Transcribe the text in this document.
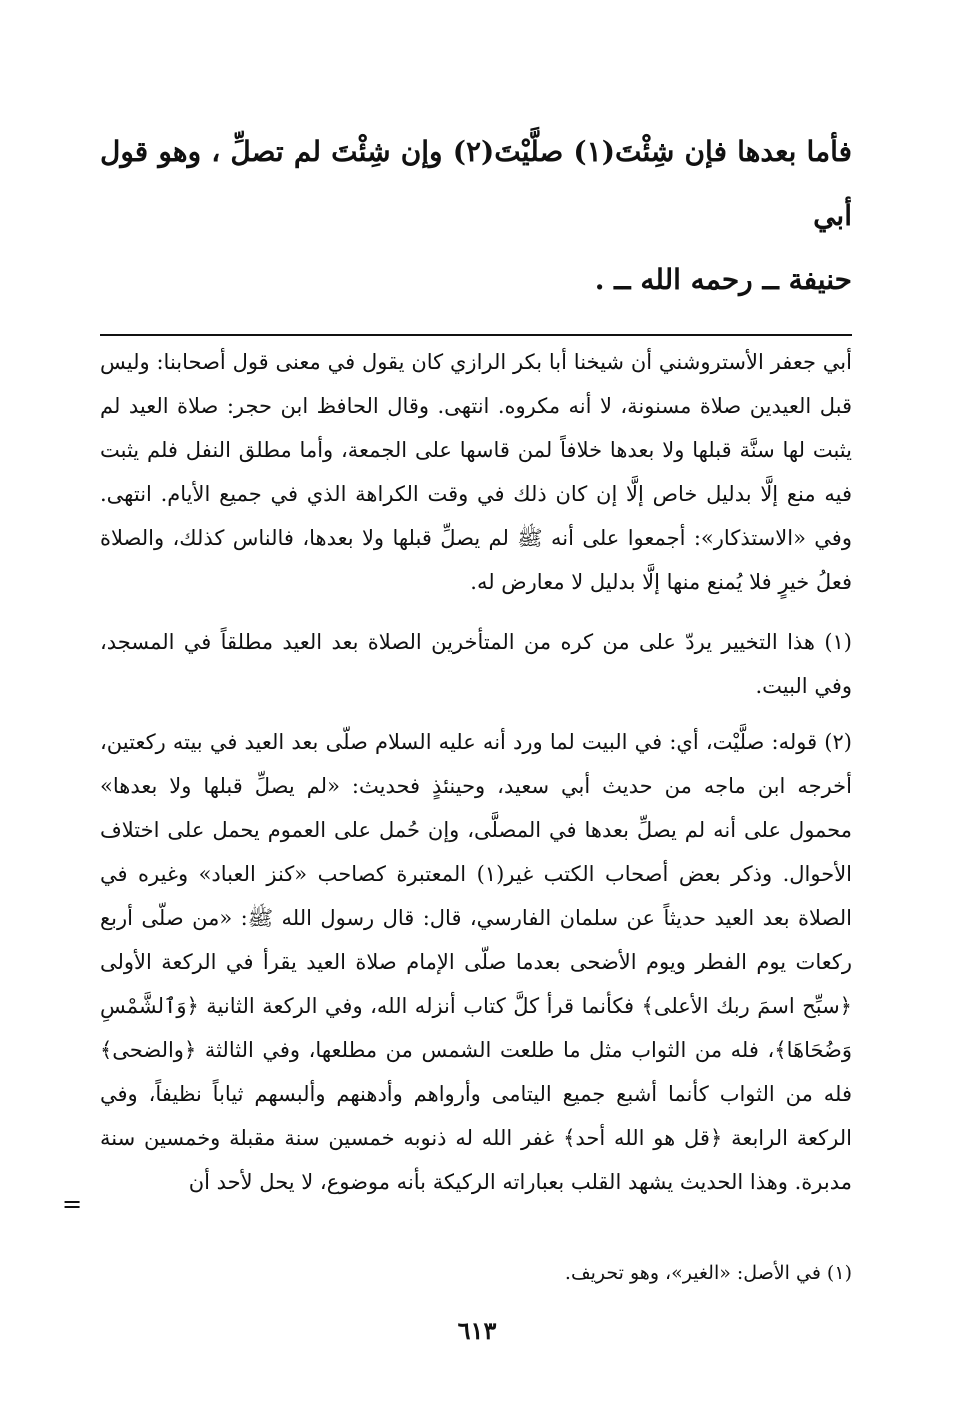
فأما بعدها فإن شِئْتَ(١) صلَّيْتَ(٢) وإن شِئْتَ لم تصلِّ ، وهو قول أبي

حنيفة ــ رحمه الله ــ .

أبي جعفر الأستروشني أن شيخنا أبا بكر الرازي كان يقول في معنى قول أصحابنا: وليس قبل العيدين صلاة مسنونة، لا أنه مكروه. انتهى. وقال الحافظ ابن حجر: صلاة العيد لم يثبت لها سنَّة قبلها ولا بعدها خلافاً لمن قاسها على الجمعة، وأما مطلق النفل فلم يثبت فيه منع إلَّا بدليل خاص إلَّا إن كان ذلك في وقت الكراهة الذي في جميع الأيام. انتهى. وفي «الاستذكار»: أجمعوا على أنه ﷺ لم يصلِّ قبلها ولا بعدها، فالناس كذلك، والصلاة فعلُ خيرٍ فلا يُمنع منها إلَّا بدليل لا معارض له.

(١) هذا التخيير يردّ على من كره من المتأخرين الصلاة بعد العيد مطلقاً في المسجد، وفي البيت.

(٢) قوله: صلَّيْت، أي: في البيت لما ورد أنه عليه السلام صلّى بعد العيد في بيته ركعتين، أخرجه ابن ماجه من حديث أبي سعيد، وحينئذٍ فحديث: «لم يصلِّ قبلها ولا بعدها» محمول على أنه لم يصلِّ بعدها في المصلَّى، وإن حُمل على العموم يحمل على اختلاف الأحوال. وذكر بعض أصحاب الكتب غير(١) المعتبرة كصاحب «كنز العباد» وغيره في الصلاة بعد العيد حديثاً عن سلمان الفارسي، قال: قال رسول الله ﷺ: «من صلّى أربع ركعات يوم الفطر ويوم الأضحى بعدما صلّى الإمام صلاة العيد يقرأ في الركعة الأولى ﴿سبِّح اسمَ ربك الأعلى﴾ فكأنما قرأ كلَّ كتاب أنزله الله، وفي الركعة الثانية ﴿وَٱلشَّمْسِ وَضُحَاهَا﴾، فله من الثواب مثل ما طلعت الشمس من مطلعها، وفي الثالثة ﴿والضحى﴾ فله من الثواب كأنما أشبع جميع اليتامى وأرواهم وأدهنهم وألبسهم ثياباً نظيفاً، وفي الركعة الرابعة ﴿قل هو الله أحد﴾ غفر الله له ذنوبه خمسين سنة مقبلة وخمسين سنة مدبرة. وهذا الحديث يشهد القلب بعباراته الركيكة بأنه موضوع، لا يحل لأحد أن

=
(١) في الأصل: «الغير»، وهو تحريف.
٦١٣
